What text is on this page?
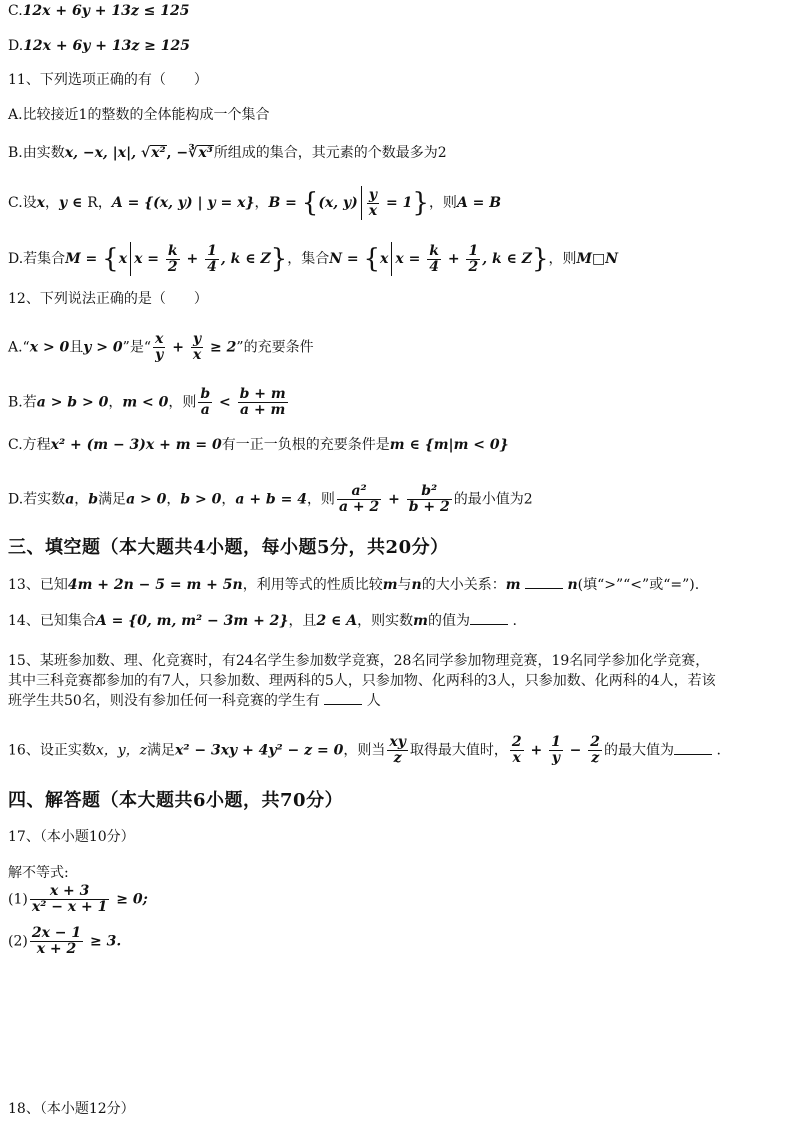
C.12x + 6y + 13z ≤ 125
D.12x + 6y + 13z ≥ 125
11、下列选项正确的有（　　）
A.比较接近1的整数的全体能构成一个集合
B.由实数x, −x, |x|, √x², −∛x³所组成的集合，其元素的个数最多为2
C.设x，y ∈ R，A = {(x, y) | y = x}，B = {(x, $y) \frac{y}{x} = 1$}，则A = B
D.若集合M = {x $x = \frac{k}{2} + \frac{1}{4}$ , k ∈ Z}，集合N = {x $x = \frac{k}{4} + \frac{1}{2}$ , k ∈ Z}，则M□N
12、下列说法正确的是（　　）
A.“x > 0且y > 0”是“ $\frac{x}{y} + \frac{y}{x} \ge 2$”的充要条件
B.若a > b > 0，m < 0，则 $\frac{b}{a} < \frac{b + m}{a + m}$
C.方程x² + (m − 3)x + m = 0有一正一负根的充要条件是m ∈ {m|m < 0}
D.若实数a，b满足a > 0，b > 0，a + b = 4，则 $\frac{\text{a²}}{a + 2} + \frac{\text{b²}}{b + 2}$ 的最小值为2
三、填空题（本大题共4小题，每小题5分，共20分）
13、已知4m + 2n − 5 = m + 5n，利用等式的性质比较m与n的大小关系：m	n(填“>”“<”或“=”).
14、已知集合A = {0, m, m² − 3m + 2}，且2 ∈ A，则实数m的值为	.
15、某班参加数、理、化竞赛时，有24名学生参加数学竞赛，28名同学参加物理竞赛，19名同学参加化学竞赛，
其中三科竞赛都参加的有7人，只参加数、理两科的5人，只参加物、化两科的3人，只参加数、化两科的4人，若该
班学生共50名，则没有参加任何一科竞赛的学生有	人
16、设正实数x，y，z满足x² − 3xy + 4y² − z = 0，则当 $\frac{xy}{z}$ 取得最大值时， $\frac{2}{x} + \frac{1}{y} - \frac{2}{z}$ 的最大值为	.
四、解答题（本大题共6小题，共70分）
17、（本小题10分）
解不等式:
$(1) \frac{x + 3}{\text{x² − x + 1}} \ge 0$;
$(2) \frac{2x - 1}{x + 2} \ge 3$.
18、（本小题12分）
